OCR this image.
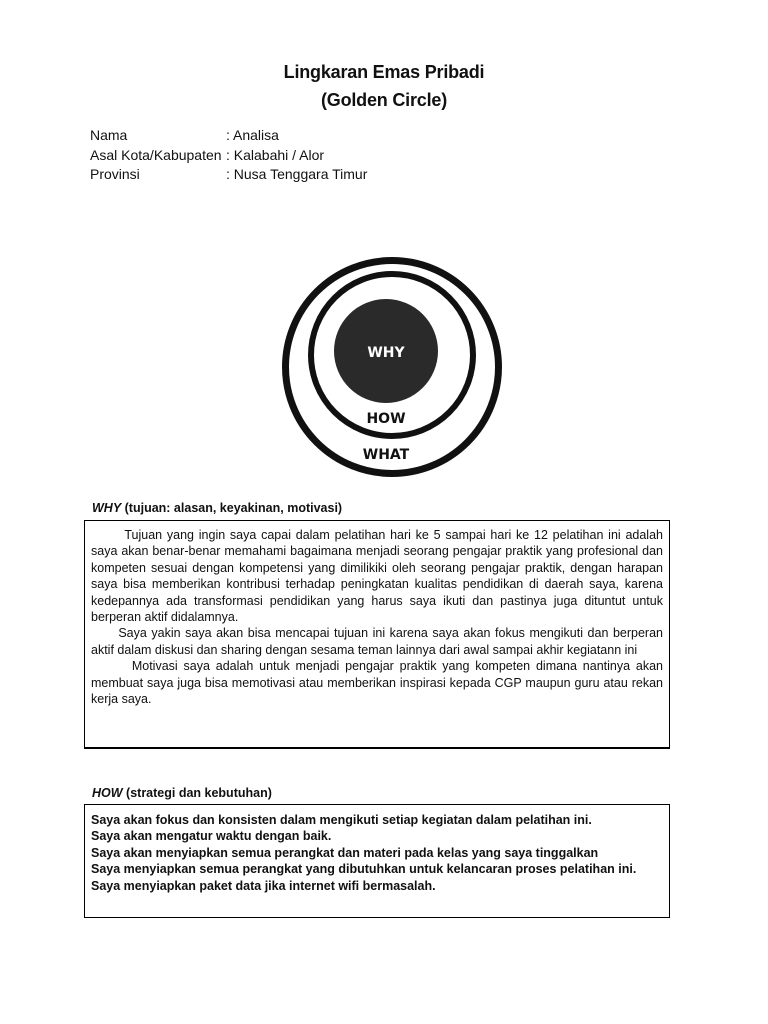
Lingkaran Emas Pribadi
(Golden Circle)
Nama	: Analisa
Asal Kota/Kabupaten : Kalabahi / Alor
Provinsi	: Nusa Tenggara Timur
WHY
HOW
WHAT
WHY (tujuan: alasan, keyakinan, motivasi)

Tujuan yang ingin saya capai dalam pelatihan hari ke 5 sampai hari ke 12 pelatihan ini adalah saya akan benar-benar memahami bagaimana menjadi seorang pengajar praktik yang profesional dan kompeten sesuai dengan kompetensi yang dimilikiki oleh seorang pengajar praktik, dengan harapan saya bisa memberikan kontribusi terhadap peningkatan kualitas pendidikan di daerah saya, karena kedepannya ada transformasi pendidikan yang harus saya ikuti dan pastinya juga dituntut untuk berperan aktif didalamnya.

Saya yakin saya akan bisa mencapai tujuan ini karena saya akan fokus mengikuti dan berperan aktif dalam diskusi dan sharing dengan sesama teman lainnya dari awal sampai akhir kegiatann ini

Motivasi saya adalah untuk menjadi pengajar praktik yang kompeten dimana nantinya akan membuat saya juga bisa memotivasi atau memberikan inspirasi kepada CGP maupun guru atau rekan kerja saya.

HOW (strategi dan kebutuhan)
Saya akan fokus dan konsisten dalam mengikuti setiap kegiatan dalam pelatihan ini.
Saya akan mengatur waktu dengan baik.
Saya akan menyiapkan semua perangkat dan materi pada kelas yang saya tinggalkan
Saya menyiapkan semua perangkat yang dibutuhkan untuk kelancaran proses pelatihan ini.
Saya menyiapkan paket data jika internet wifi bermasalah.
